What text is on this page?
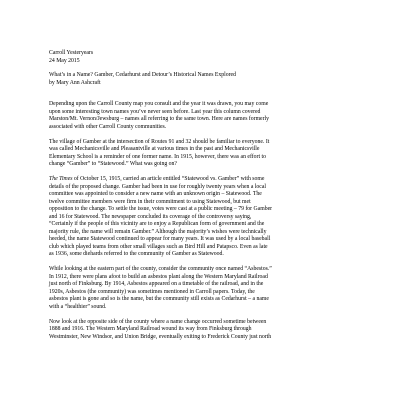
Carroll Yesteryears

24 May 2015

What’s in a Name? Gamber, Cedarhurst and Detour’s Historical Names Explored

by Mary Ann Ashcraft

Depending upon the Carroll County map you consult and the year it was drawn, you may come
upon some interesting town names you’ve never seen before. Last year this column covered
Marston/Mt. Vernon/Jewsburg – names all referring to the same town. Here are names formerly
associated with other Carroll County communities.

The village of Gamber at the intersection of Routes 91 and 32 should be familiar to everyone. It
was called Mechanicsville and Pleasantville at various times in the past and Mechanicsville
Elementary School is a reminder of one former name. In 1915, however, there was an effort to
change “Gamber” to “Statewood.” What was going on?

The Times of October 15, 1915, carried an article entitled “Statewood vs. Gamber” with some
details of the proposed change. Gamber had been in use for roughly twenty years when a local
committee was appointed to consider a new name with an unknown origin – Statewood. The
twelve committee members were firm in their commitment to using Statewood, but met
opposition to the change. To settle the issue, votes were cast at a public meeting – 79 for Gamber
and 16 for Statewood. The newspaper concluded its coverage of the controversy saying,
“Certainly if the people of this vicinity are to enjoy a Republican form of government and the
majority rule, the name will remain Gamber.” Although the majority’s wishes were technically
heeded, the name Statewood continued to appear for many years. It was used by a local baseball
club which played teams from other small villages such as Bird Hill and Patapsco. Even as late
as 1936, some diehards referred to the community of Gamber as Statewood.

While looking at the eastern part of the county, consider the community once named “Asbestos.”
In 1912, there were plans afoot to build an asbestos plant along the Western Maryland Railroad
just north of Finksburg. By 1914, Asbestos appeared on a timetable of the railroad, and in the
1920s, Asbestos (the community) was sometimes mentioned in Carroll papers. Today, the
asbestos plant is gone and so is the name, but the community still exists as Cedarhurst – a name
with a “healthier” sound.

Now look at the opposite side of the county where a name change occurred sometime between
1888 and 1916. The Western Maryland Railroad wound its way from Finksburg through
Westminster, New Windsor, and Union Bridge, eventually exiting to Frederick County just north
